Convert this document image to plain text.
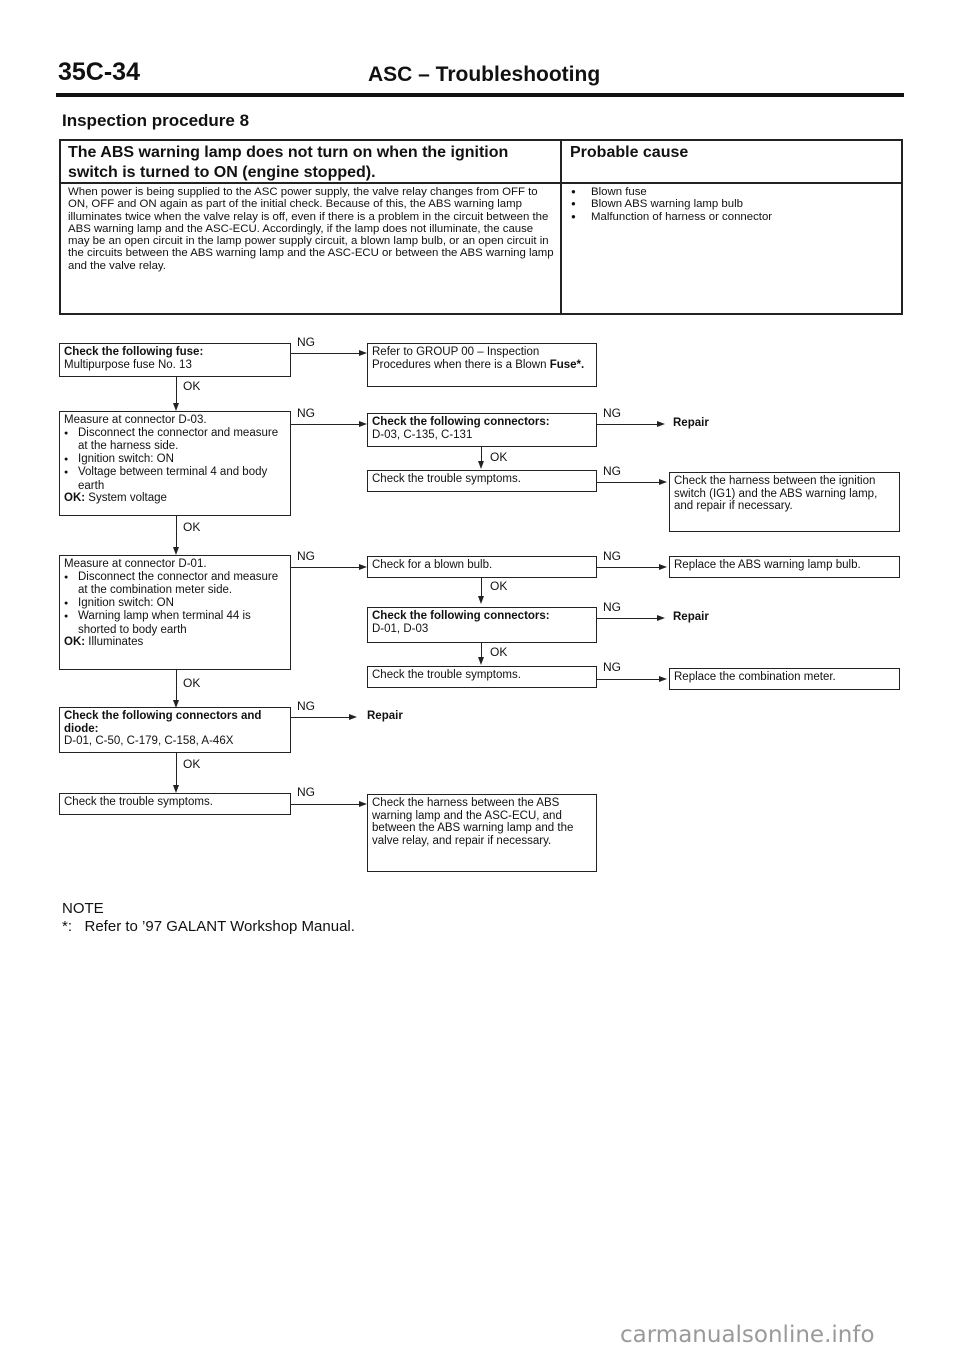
35C-34	ASC – Troubleshooting
Inspection procedure 8
The ABS warning lamp does not turn on when the ignition switch is turned to ON (engine stopped).
Probable cause
When power is being supplied to the ASC power supply, the valve relay changes from OFF to ON, OFF and ON again as part of the initial check. Because of this, the ABS warning lamp illuminates twice when the valve relay is off, even if there is a problem in the circuit between the ABS warning lamp and the ASC-ECU. Accordingly, if the lamp does not illuminate, the cause may be an open circuit in the lamp power supply circuit, a blown lamp bulb, or an open circuit in the circuits between the ABS warning lamp and the ASC-ECU or between the ABS warning lamp and the valve relay.
● Blown fuse
● Blown ABS warning lamp bulb
● Malfunction of harness or connector
Check the following fuse:
Multipurpose fuse No. 13
NG
Refer to GROUP 00 – Inspection Procedures when there is a Blown Fuse*.
OK
Measure at connector D-03.
● Disconnect the connector and measure at the harness side.
● Ignition switch: ON
● Voltage between terminal 4 and body earth
OK: System voltage
NG
Check the following connectors:
D-03, C-135, C-131
NG
Repair
OK
Check the trouble symptoms.
NG
Check the harness between the ignition switch (IG1) and the ABS warning lamp, and repair if necessary.
OK
Measure at connector D-01.
● Disconnect the connector and measure at the combination meter side.
● Ignition switch: ON
● Warning lamp when terminal 44 is shorted to body earth
OK: Illuminates
NG
Check for a blown bulb.
NG
Replace the ABS warning lamp bulb.
OK
Check the following connectors:
D-01, D-03
NG
Repair
OK
Check the trouble symptoms.
NG
Replace the combination meter.
OK
Check the following connectors and diode:
D-01, C-50, C-179, C-158, A-46X
NG
Repair
OK
Check the trouble symptoms.
NG
Check the harness between the ABS warning lamp and the ASC-ECU, and between the ABS warning lamp and the valve relay, and repair if necessary.
NOTE
*:   Refer to ’97 GALANT Workshop Manual.
carmanualsonline.info
